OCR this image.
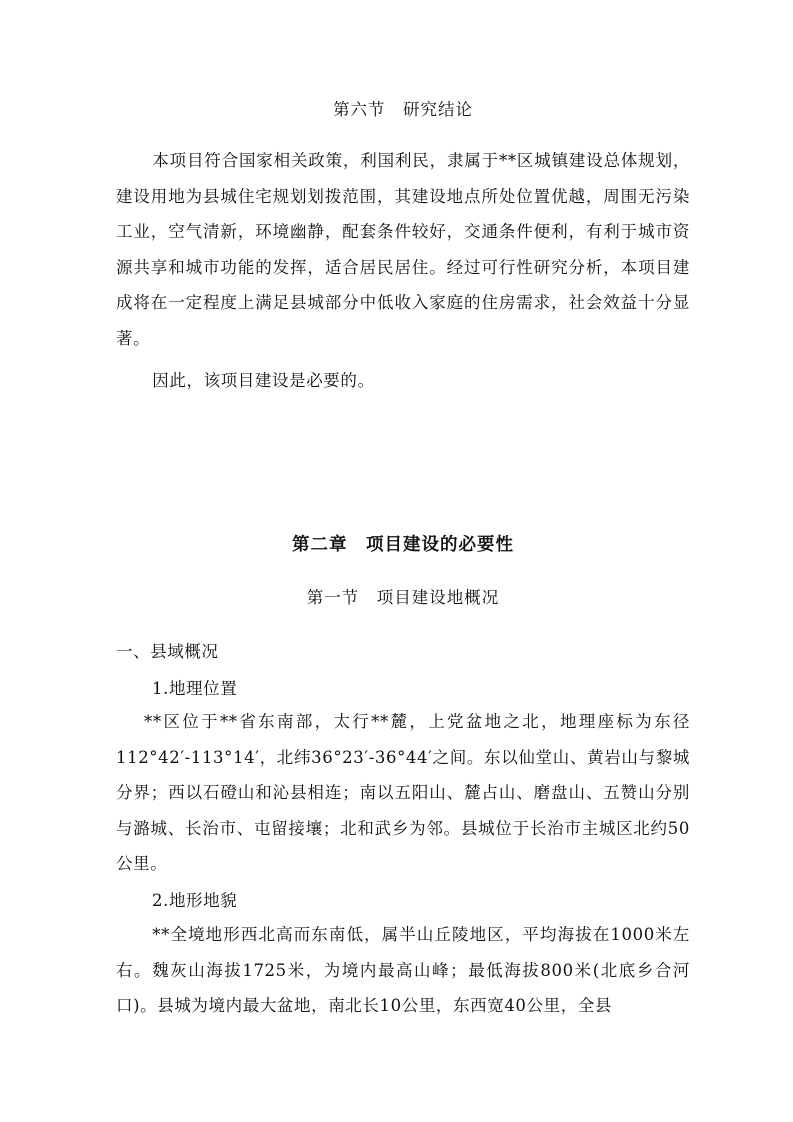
第六节　研究结论
本项目符合国家相关政策，利国利民，隶属于**区城镇建设总体规划，建设用地为县城住宅规划划拨范围，其建设地点所处位置优越，周围无污染工业，空气清新，环境幽静，配套条件较好，交通条件便利，有利于城市资源共享和城市功能的发挥，适合居民居住。经过可行性研究分析，本项目建成将在一定程度上满足县城部分中低收入家庭的住房需求，社会效益十分显著。
因此，该项目建设是必要的。
第二章　项目建设的必要性
第一节　项目建设地概况
一、县域概况
1.地理位置
**区位于**省东南部，太行**麓，上党盆地之北，地理座标为东径112°42′-113°14′，北纬36°23′-36°44′之间。东以仙堂山、黄岩山与黎城分界；西以石磴山和沁县相连；南以五阳山、麓占山、磨盘山、五赞山分别与潞城、长治市、屯留接壤；北和武乡为邻。县城位于长治市主城区北约50公里。
2.地形地貌
**全境地形西北高而东南低，属半山丘陵地区，平均海拔在1000米左右。魏灰山海拔1725米，为境内最高山峰；最低海拔800米(北底乡合河口)。县城为境内最大盆地，南北长10公里，东西宽40公里，全县
